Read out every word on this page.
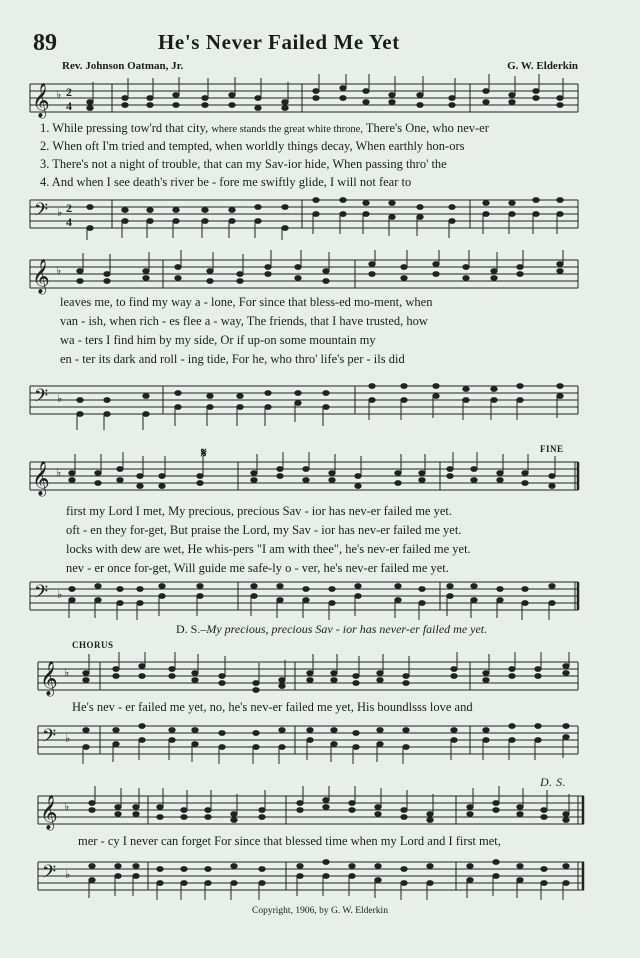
89	He's Never Failed Me Yet
Rev. Johnson Oatman, Jr.	G. W. Elderkin
𝄞 ♭ 2
4
1. While pressing tow'rd that city, where stands the great white throne, There's One, who nev-er
2. When oft I'm tried and tempted, when worldly things decay, When earthly hon-ors
3. There's not a night of trouble, that can my Sav-ior hide, When passing thro' the
4. And when I see death's river be - fore me swiftly glide, I will not fear to
𝄢 ♭ 2
4
𝄞 ♭
leaves me, to find my way a - lone, For since that bless-ed mo-ment, when
van - ish, when rich - es flee a - way, The friends, that I have trusted, how
wa - ters I find him by my side, Or if up-on some mountain my
en - ter its dark and roll - ing tide, For he, who thro' life's per - ils did
𝄢 ♭
𝄋	FINE
𝄞 ♭
first my Lord I met, My precious, precious Sav - ior has nev-er failed me yet.
oft - en they for-get, But praise the Lord, my Sav - ior has nev-er failed me yet.
locks with dew are wet, He whis-pers "I am with thee", he's nev-er failed me yet.
nev - er once for-get, Will guide me safe-ly o - ver, he's nev-er failed me yet.
𝄢 ♭
D. S.–My precious, precious Sav - ior has never-er failed me yet.
CHORUS
𝄞 ♭
He's nev - er failed me yet, no, he's nev-er failed me yet, His boundlsss love and
𝄢 ♭
D. S.
𝄞 ♭
mer - cy I never can forget For since that blessed time when my Lord and I first met,
𝄢 ♭
Copyright, 1906, by G. W. Elderkin
